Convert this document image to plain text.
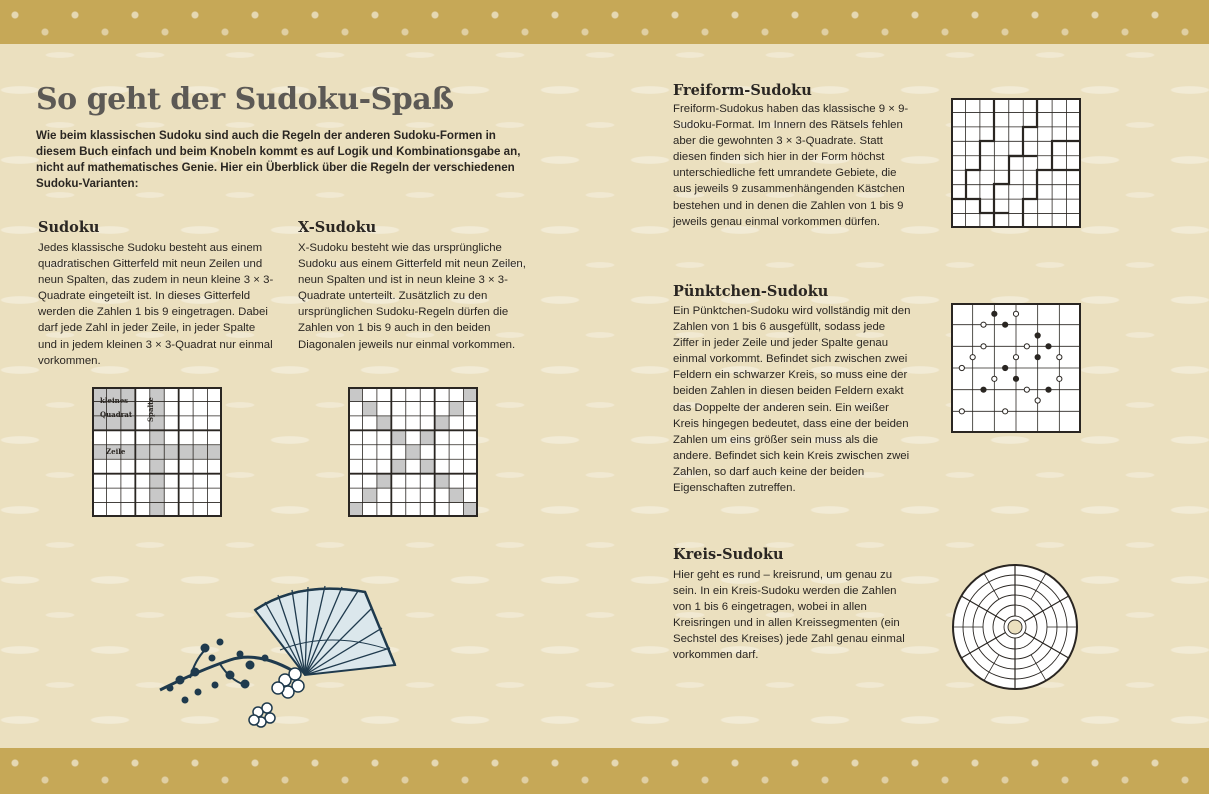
So geht der Sudoku-Spaß
Wie beim klassischen Sudoku sind auch die Regeln der anderen Sudoku-Formen in diesem Buch einfach und beim Knobeln kommt es auf Logik und Kombinationsgabe an, nicht auf mathematisches Genie. Hier ein Überblick über die Regeln der verschiedenen Sudoku-Varianten:
Sudoku
Jedes klassische Sudoku besteht aus einem quadratischen Gitterfeld mit neun Zeilen und neun Spalten, das zudem in neun kleine 3 × 3-Quadrate eingeteilt ist. In dieses Gitterfeld werden die Zahlen 1 bis 9 eingetragen. Dabei darf jede Zahl in jeder Zeile, in jeder Spalte und in jedem kleinen 3 × 3-Quadrat nur einmal vorkommen.
X-Sudoku
X-Sudoku besteht wie das ursprüngliche Sudoku aus einem Gitterfeld mit neun Zeilen, neun Spalten und ist in neun kleine 3 × 3-Quadrate unterteilt. Zusätzlich zu den ursprünglichen Sudoku-Regeln dürfen die Zahlen von 1 bis 9 auch in den beiden Diagonalen jeweils nur einmal vorkommen.
Freiform-Sudoku
Freiform-Sudokus haben das klassische 9 × 9-Sudoku-Format. Im Innern des Rätsels fehlen aber die gewohnten 3 × 3-Quadrate. Statt diesen finden sich hier in der Form höchst unterschiedliche fett umrandete Gebiete, die aus jeweils 9 zusammenhängenden Kästchen bestehen und in denen die Zahlen von 1 bis 9 jeweils genau einmal vorkommen dürfen.
Pünktchen-Sudoku
Ein Pünktchen-Sudoku wird vollständig mit den Zahlen von 1 bis 6 ausgefüllt, sodass jede Ziffer in jeder Zeile und jeder Spalte genau einmal vorkommt. Befindet sich zwischen zwei Feldern ein schwarzer Kreis, so muss eine der beiden Zahlen in diesen beiden Feldern exakt das Doppelte der anderen sein. Ein weißer Kreis hingegen bedeutet, dass eine der beiden Zahlen um eins größer sein muss als die andere. Befindet sich kein Kreis zwischen zwei Zahlen, so darf auch keine der beiden Eigenschaften zutreffen.
Kreis-Sudoku
Hier geht es rund – kreisrund, um genau zu sein. In ein Kreis-Sudoku werden die Zahlen von 1 bis 6 eingetragen, wobei in allen Kreisringen und in allen Kreissegmenten (ein Sechstel des Kreises) jede Zahl genau einmal vorkommen darf.
kleines
Quadrat Spalte
Zeile
